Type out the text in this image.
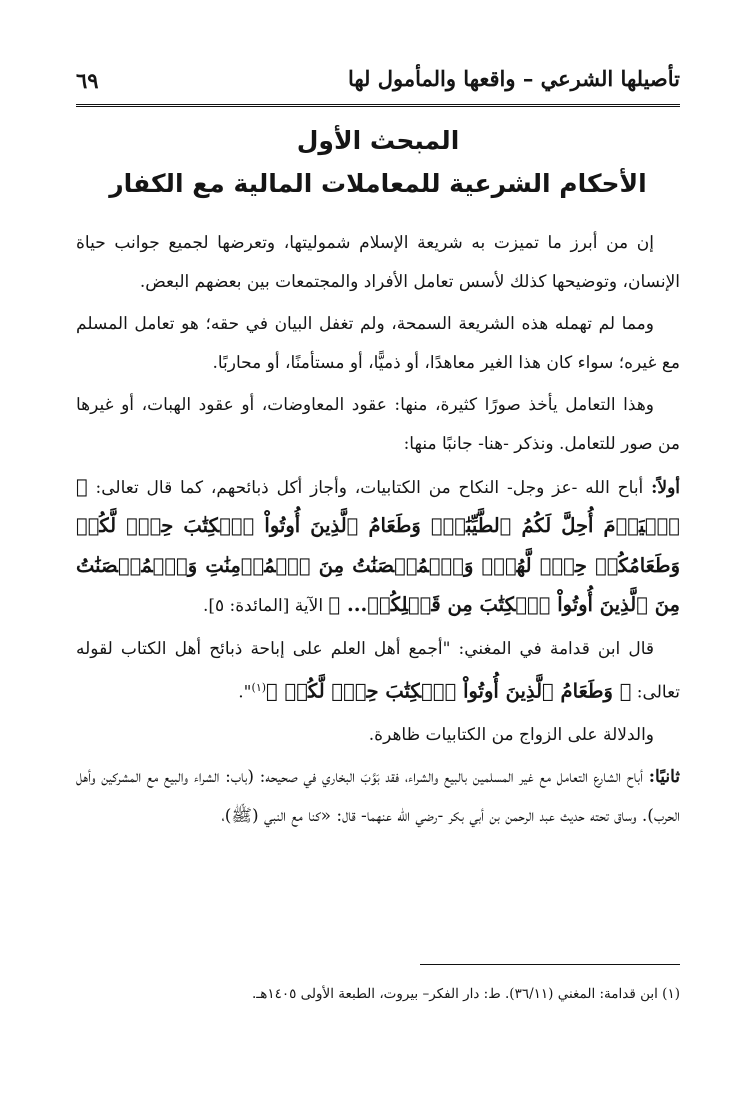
تأصيلها الشرعي – واقعها والمأمول لها
٦٩
المبحث الأول
الأحكام الشرعية للمعاملات المالية مع الكفار

إن من أبرز ما تميزت به شريعة الإسلام شموليتها، وتعرضها لجميع جوانب حياة الإنسان، وتوضيحها كذلك لأسس تعامل الأفراد والمجتمعات بين بعضهم البعض.

ومما لم تهمله هذه الشريعة السمحة، ولم تغفل البيان في حقه؛ هو تعامل المسلم مع غيره؛ سواء كان هذا الغير معاهدًا، أو ذميًّا، أو مستأمنًا، أو محاربًا.

وهذا التعامل يأخذ صورًا كثيرة، منها: عقود المعاوضات، أو عقود الهبات، أو غيرها من صور للتعامل. ونذكر -هنا- جانبًا منها:

أولاً: أباح الله -عز وجل- النكاح من الكتابيات، وأجاز أكل ذبائحهم، كما قال تعالى: ﴿ ٱلۡيَوۡمَ أُحِلَّ لَكُمُ ٱلطَّيِّبَٰتُۖ وَطَعَامُ ٱلَّذِينَ أُوتُواْ ٱلۡكِتَٰبَ حِلّٞ لَّكُمۡ وَطَعَامُكُمۡ حِلّٞ لَّهُمۡۖ وَٱلۡمُحۡصَنَٰتُ مِنَ ٱلۡمُؤۡمِنَٰتِ وَٱلۡمُحۡصَنَٰتُ مِنَ ٱلَّذِينَ أُوتُواْ ٱلۡكِتَٰبَ مِن قَبۡلِكُمۡ... ﴾ الآية [المائدة: ٥].

قال ابن قدامة في المغني: "أجمع أهل العلم على إباحة ذبائح أهل الكتاب لقوله تعالى: ﴿ وَطَعَامُ ٱلَّذِينَ أُوتُواْ ٱلۡكِتَٰبَ حِلّٞ لَّكُمۡ ﴾$^{(١)}$".

والدلالة على الزواج من الكتابيات ظاهرة.

ثانيًا: أباح الشارع التعامل مع غير المسلمين بالبيع والشراء، فقد بَوَّبَ البخاري في صحيحه: (باب: الشراء والبيع مع المشركين وأهل الحرب). وساق تحته حديث عبد الرحمن بن أبي بكر -رضي الله عنهما- قال: «كنا مع النبي (ﷺ)،

(١) ابن قدامة: المغني (٣٦/١١). ط: دار الفكر– بيروت، الطبعة الأولى ١٤٠٥هـ.
